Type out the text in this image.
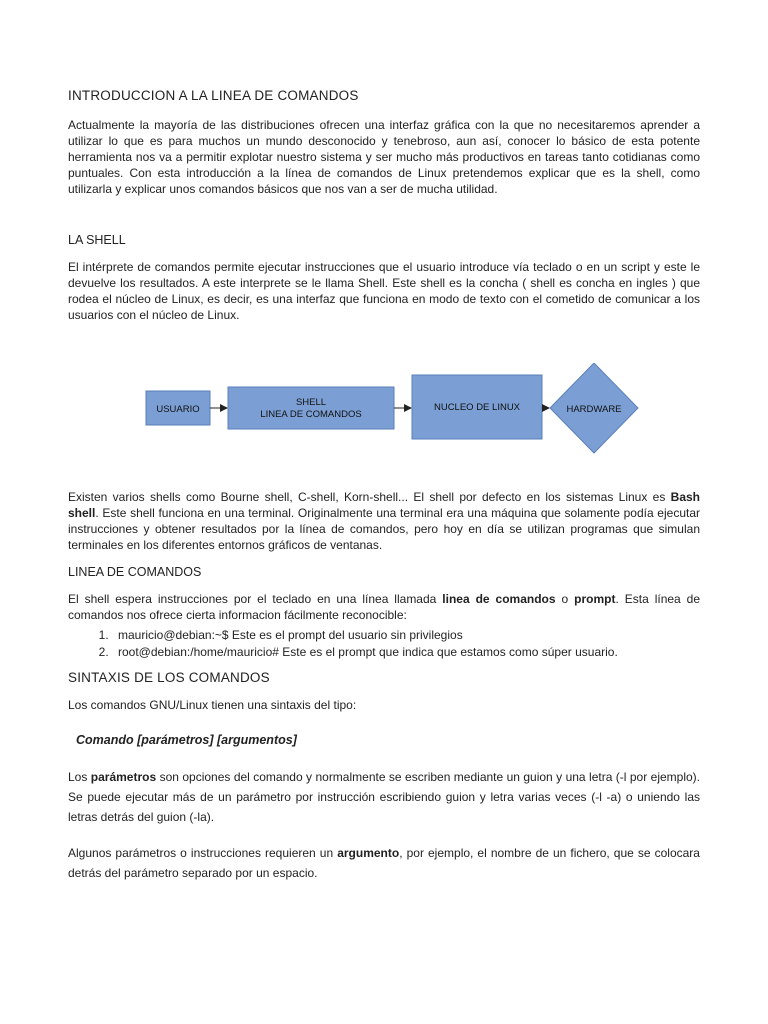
INTRODUCCION A LA LINEA DE COMANDOS

Actualmente la mayoría de las distribuciones ofrecen una interfaz gráfica con la que no necesitaremos aprender a utilizar lo que es para muchos un mundo desconocido y tenebroso, aun así, conocer lo básico de esta potente herramienta nos va a permitir explotar nuestro sistema y ser mucho más productivos en tareas tanto cotidianas como puntuales. Con esta introducción a la línea de comandos de Linux pretendemos explicar que es la shell, como utilizarla y explicar unos comandos básicos que nos van a ser de mucha utilidad.

LA SHELL

El intérprete de comandos permite ejecutar instrucciones que el usuario introduce vía teclado o en un script y este le devuelve los resultados. A este interprete se le llama Shell. Este shell es la concha ( shell es concha en ingles ) que rodea el núcleo de Linux, es decir, es una interfaz que funciona en modo de texto con el cometido de comunicar a los usuarios con el núcleo de Linux.

USUARIO
SHELL
LINEA DE COMANDOS
NUCLEO DE LINUX	HARDWARE

Existen varios shells como Bourne shell, C-shell, Korn-shell... El shell por defecto en los sistemas Linux es Bash shell. Este shell funciona en una terminal. Originalmente una terminal era una máquina que solamente podía ejecutar instrucciones y obtener resultados por la línea de comandos, pero hoy en día se utilizan programas que simulan terminales en los diferentes entornos gráficos de ventanas.

LINEA DE COMANDOS

El shell espera instrucciones por el teclado en una línea llamada linea de comandos o prompt. Esta línea de comandos nos ofrece cierta informacion fácilmente reconocible:

1. mauricio@debian:~$ Este es el prompt del usuario sin privilegios
2. root@debian:/home/mauricio# Este es el prompt que indica que estamos como súper usuario.
SINTAXIS DE LOS COMANDOS

Los comandos GNU/Linux tienen una sintaxis del tipo:

Comando [parámetros] [argumentos]

Los parámetros son opciones del comando y normalmente se escriben mediante un guion y una letra (-l por ejemplo). Se puede ejecutar más de un parámetro por instrucción escribiendo guion y letra varias veces (-l -a) o uniendo las letras detrás del guion (-la).

Algunos parámetros o instrucciones requieren un argumento, por ejemplo, el nombre de un fichero, que se colocara detrás del parámetro separado por un espacio.
